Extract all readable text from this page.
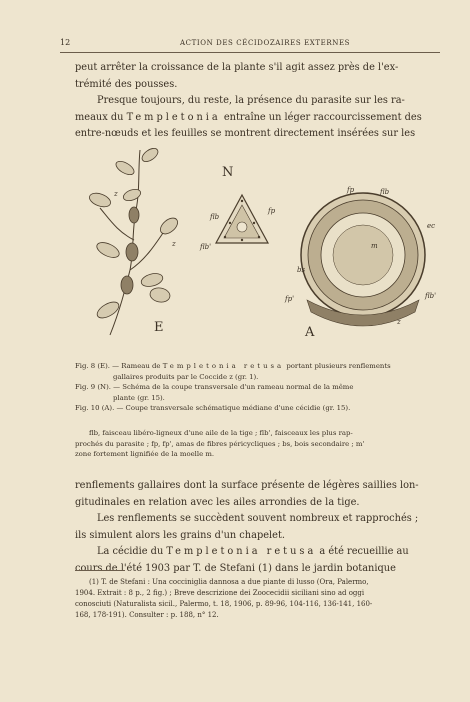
12	ACTION DES CÉCIDOZAIRES EXTERNES

peut arrêter la croissance de la plante s'il agit assez près de l'ex-

trémité des pousses.

Presque toujours, du reste, la présence du parasite sur les ra-

meaux du Templetonia entraîne un léger raccourcissement des

entre-nœuds et les feuilles se montrent directement insérées sur les

z
z
E
N
flb
fp
flb'
fp	flb
ec
m
bs
fp'	flb'
z
A

Fig. 8 (E). — Rameau de Templetonia retusa portant plusieurs renflements

gallaires produits par le Coccide z (gr. 1).

Fig. 9 (N). — Schéma de la coupe transversale d'un rameau normal de la même

plante (gr. 15).

Fig. 10 (A). — Coupe transversale schématique médiane d'une cécidie (gr. 15).

flb, faisceau libéro-ligneux d'une aile de la tige ; flb', faisceaux les plus rap-

prochés du parasite ; fp, fp', amas de fibres péricycliques ; bs, bois secondaire ; m'

zone fortement lignifiée de la moelle m.

renflements gallaires dont la surface présente de légères saillies lon-

gitudinales en relation avec les ailes arrondies de la tige.

Les renflements se succèdent souvent nombreux et rapprochés ;

ils simulent alors les grains d'un chapelet.

La cécidie du Templetonia retusa a été recueillie au

cours de l'été 1903 par T. de Stefani (1) dans le jardin botanique

(1) T. de Stefani : Una cocciniglia dannosa a due piante di lusso (Ora, Palermo,

1904. Extrait : 8 p., 2 fig.) ; Breve descrizione dei Zoocecidii siciliani sino ad oggi

conosciuti (Naturalista sicil., Palermo, t. 18, 1906, p. 89-96, 104-116, 136-141, 160-

168, 178-191). Consulter : p. 188, n° 12.
